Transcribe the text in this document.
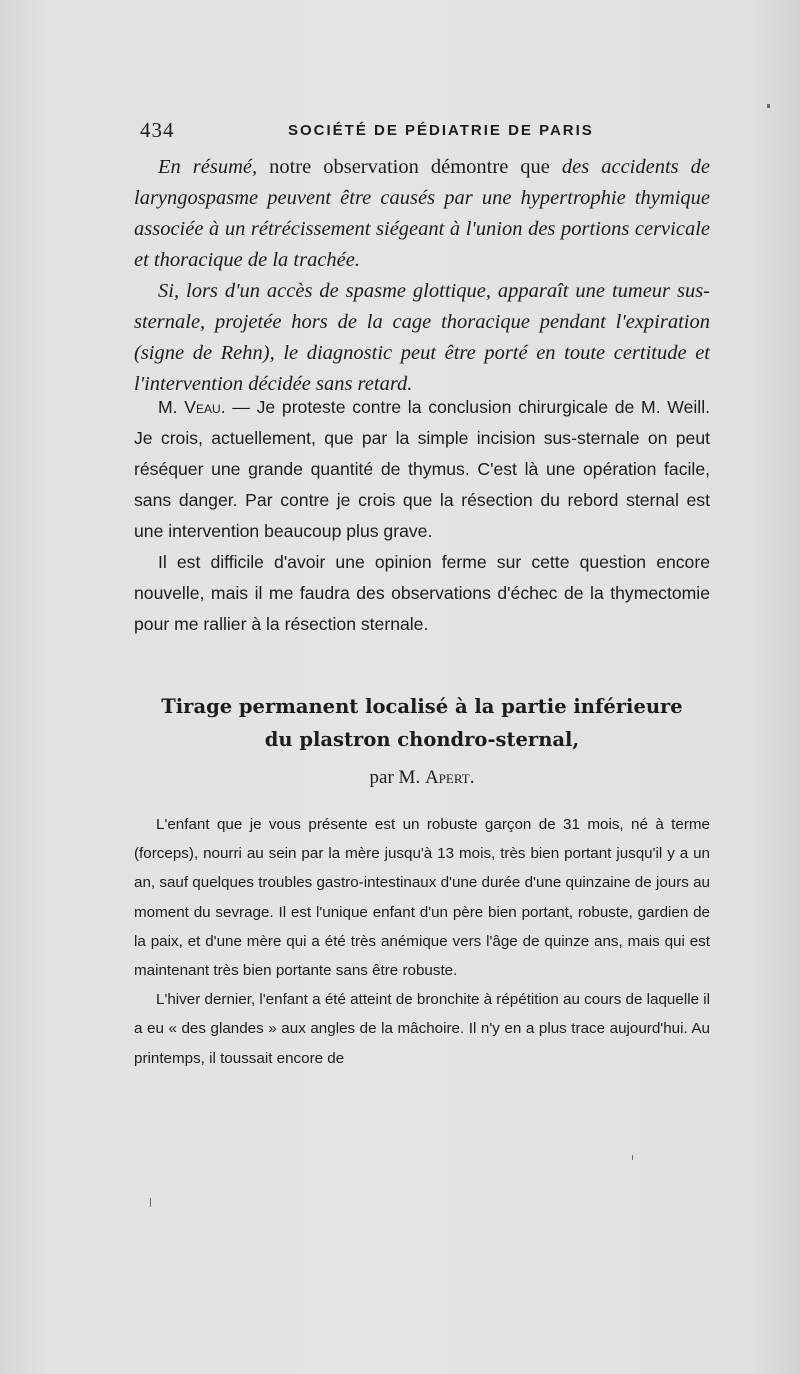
434	SOCIÉTÉ DE PÉDIATRIE DE PARIS

En résumé, notre observation démontre que des accidents de laryngospasme peuvent être causés par une hypertrophie thymique associée à un rétrécissement siégeant à l'union des portions cervicale et thoracique de la trachée.

Si, lors d'un accès de spasme glottique, apparaît une tumeur sus-sternale, projetée hors de la cage thoracique pendant l'expiration (signe de Rehn), le diagnostic peut être porté en toute certitude et l'intervention décidée sans retard.

M. Veau. — Je proteste contre la conclusion chirurgicale de M. Weill. Je crois, actuellement, que par la simple incision sus-sternale on peut réséquer une grande quantité de thymus. C'est là une opération facile, sans danger. Par contre je crois que la résection du rebord sternal est une intervention beaucoup plus grave.

Il est difficile d'avoir une opinion ferme sur cette question encore nouvelle, mais il me faudra des observations d'échec de la thymectomie pour me rallier à la résection sternale.

Tirage permanent localisé à la partie inférieure
du plastron chondro-sternal,
par M. Apert.

L'enfant que je vous présente est un robuste garçon de 31 mois, né à terme (forceps), nourri au sein par la mère jusqu'à 13 mois, très bien portant jusqu'il y a un an, sauf quelques troubles gastro-intestinaux d'une durée d'une quinzaine de jours au moment du sevrage. Il est l'unique enfant d'un père bien portant, robuste, gardien de la paix, et d'une mère qui a été très anémique vers l'âge de quinze ans, mais qui est maintenant très bien portante sans être robuste.

L'hiver dernier, l'enfant a été atteint de bronchite à répétition au cours de laquelle il a eu « des glandes » aux angles de la mâchoire. Il n'y en a plus trace aujourd'hui. Au printemps, il toussait encore de
